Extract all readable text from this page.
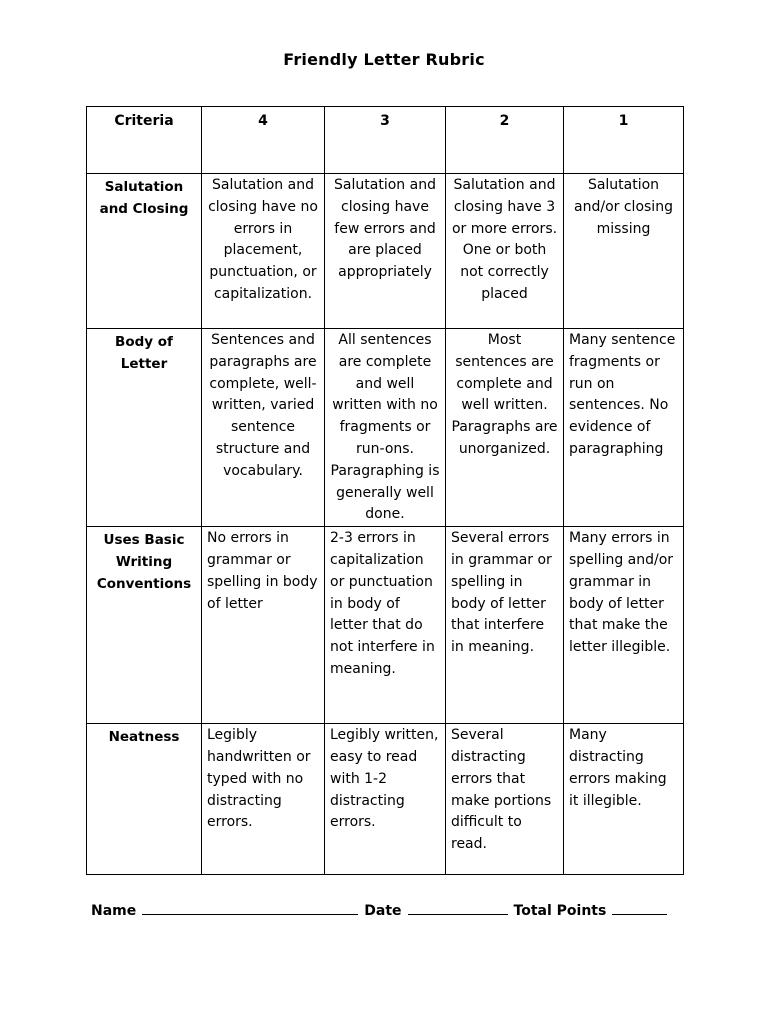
Friendly Letter Rubric
Criteria	4	3	2	1
Salutation and Closing	Salutation and closing have no errors in placement, punctuation, or capitalization.	Salutation and closing have few errors and are placed appropriately	Salutation and closing have 3 or more errors. One or both not correctly placed	Salutation and/or closing missing
Body of Letter	Sentences and paragraphs are complete, well-written, varied sentence structure and vocabulary.	All sentences are complete and well written with no fragments or run-ons. Paragraphing is generally well done.	Most sentences are complete and well written. Paragraphs are unorganized.	Many sentence fragments or run on sentences. No evidence of paragraphing
Uses Basic Writing Conventions	No errors in grammar or spelling in body of letter	2-3 errors in capitalization or punctuation in body of letter that do not interfere in meaning.	Several errors in grammar or spelling in body of letter that interfere in meaning.	Many errors in spelling and/or grammar in body of letter that make the letter illegible.
Neatness	Legibly handwritten or typed with no distracting errors.	Legibly written, easy to read with 1-2 distracting errors.	Several distracting errors that make portions difficult to read.	Many distracting errors making it illegible.
Name	Date	Total Points
